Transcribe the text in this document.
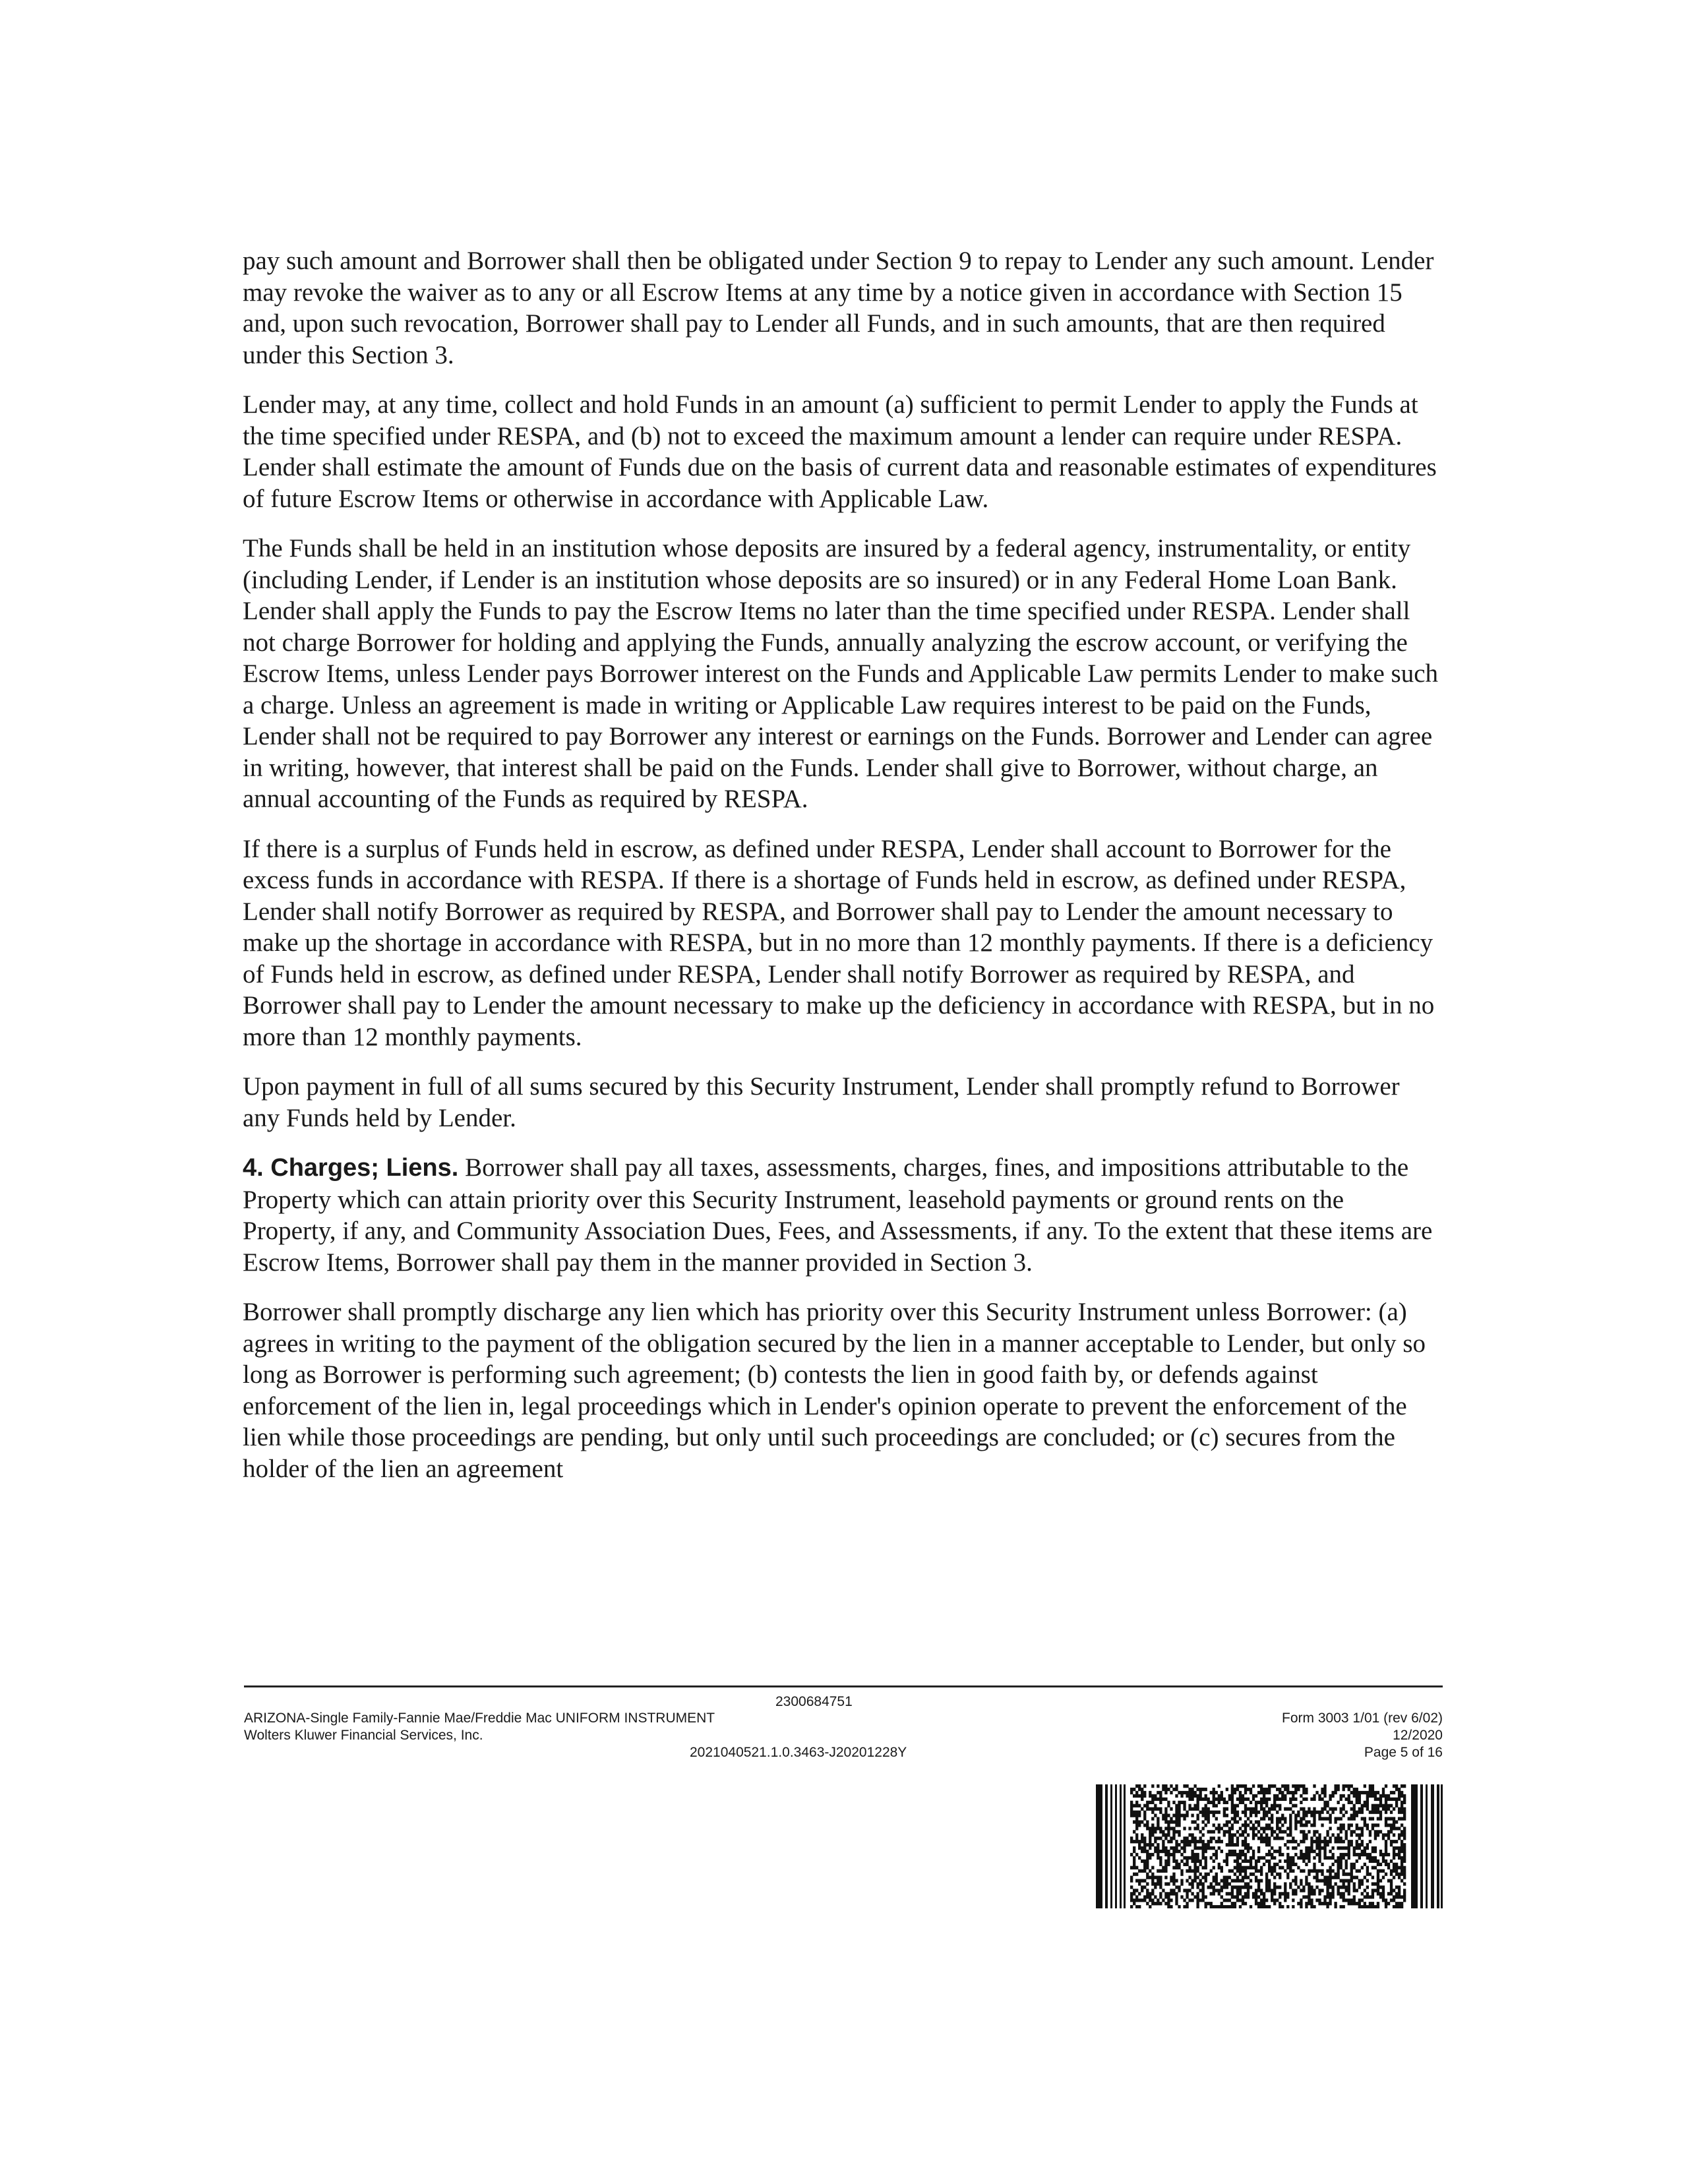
pay such amount and Borrower shall then be obligated under Section 9 to repay to Lender any such amount. Lender may revoke the waiver as to any or all Escrow Items at any time by a notice given in accordance with Section 15 and, upon such revocation, Borrower shall pay to Lender all Funds, and in such amounts, that are then required under this Section 3.

Lender may, at any time, collect and hold Funds in an amount (a) sufficient to permit Lender to apply the Funds at the time specified under RESPA, and (b) not to exceed the maximum amount a lender can require under RESPA. Lender shall estimate the amount of Funds due on the basis of current data and reasonable estimates of expenditures of future Escrow Items or otherwise in accordance with Applicable Law.

The Funds shall be held in an institution whose deposits are insured by a federal agency, instrumentality, or entity (including Lender, if Lender is an institution whose deposits are so insured) or in any Federal Home Loan Bank. Lender shall apply the Funds to pay the Escrow Items no later than the time specified under RESPA. Lender shall not charge Borrower for holding and applying the Funds, annually analyzing the escrow account, or verifying the Escrow Items, unless Lender pays Borrower interest on the Funds and Applicable Law permits Lender to make such a charge. Unless an agreement is made in writing or Applicable Law requires interest to be paid on the Funds, Lender shall not be required to pay Borrower any interest or earnings on the Funds. Borrower and Lender can agree in writing, however, that interest shall be paid on the Funds. Lender shall give to Borrower, without charge, an annual accounting of the Funds as required by RESPA.

If there is a surplus of Funds held in escrow, as defined under RESPA, Lender shall account to Borrower for the excess funds in accordance with RESPA. If there is a shortage of Funds held in escrow, as defined under RESPA, Lender shall notify Borrower as required by RESPA, and Borrower shall pay to Lender the amount necessary to make up the shortage in accordance with RESPA, but in no more than 12 monthly payments. If there is a deficiency of Funds held in escrow, as defined under RESPA, Lender shall notify Borrower as required by RESPA, and Borrower shall pay to Lender the amount necessary to make up the deficiency in accordance with RESPA, but in no more than 12 monthly payments.

Upon payment in full of all sums secured by this Security Instrument, Lender shall promptly refund to Borrower any Funds held by Lender.

4. Charges; Liens. Borrower shall pay all taxes, assessments, charges, fines, and impositions attributable to the Property which can attain priority over this Security Instrument, leasehold payments or ground rents on the Property, if any, and Community Association Dues, Fees, and Assessments, if any. To the extent that these items are Escrow Items, Borrower shall pay them in the manner provided in Section 3.

Borrower shall promptly discharge any lien which has priority over this Security Instrument unless Borrower: (a) agrees in writing to the payment of the obligation secured by the lien in a manner acceptable to Lender, but only so long as Borrower is performing such agreement; (b) contests the lien in good faith by, or defends against enforcement of the lien in, legal proceedings which in Lender's opinion operate to prevent the enforcement of the lien while those proceedings are pending, but only until such proceedings are concluded; or (c) secures from the holder of the lien an agreement

2300684751
ARIZONA-Single Family-Fannie Mae/Freddie Mac UNIFORM INSTRUMENT
Wolters Kluwer Financial Services, Inc.
2021040521.1.0.3463-J20201228Y
Form 3003 1/01 (rev 6/02)
12/2020
Page 5 of 16
